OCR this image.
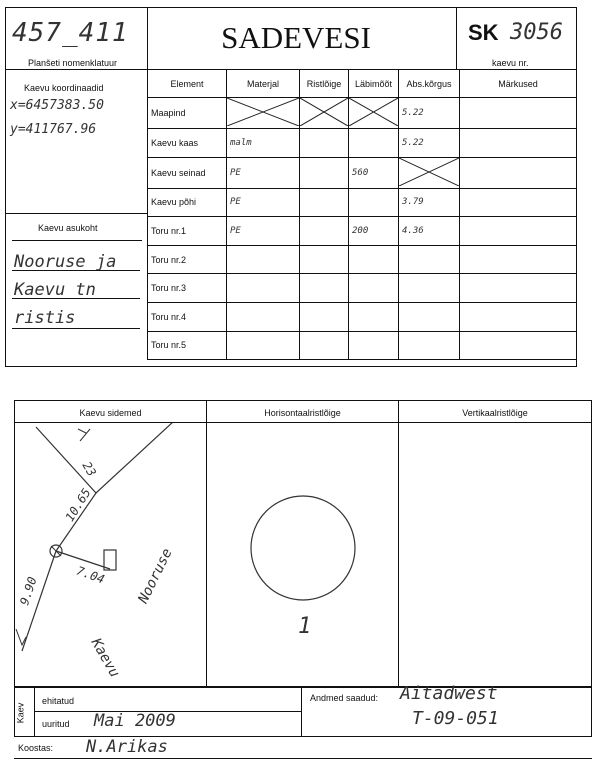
457_411
Planšeti nomenklatuur
SADEVESI	SK 3056
kaevu nr.
Kaevu koordinaadid
x=6457383.50
y=411767.96
Kaevu asukoht
Nooruse ja
Kaevu tn
ristis
Element	Materjal	Ristlõige	Läbimõõt	Abs.kõrgus	Märkused
Maapind				5.22	
Kaevu kaas	malm			5.22	
Kaevu seinad	PE		560		
Kaevu põhi	PE			3.79	
Toru nr.1	PE		200	4.36	
Toru nr.2					
Toru nr.3					
Toru nr.4					
Toru nr.5					
Kaevu sidemed	Horisontaalristlõige	Vertikaalristlõige
23
10.65
7.04
9.90	Nooruse
Kaevu
1
Kaev
ehitatud
uuritud Mai 2009
Andmed saadud: Aitadwest
T-09-051
Koostas: N.Arikas
